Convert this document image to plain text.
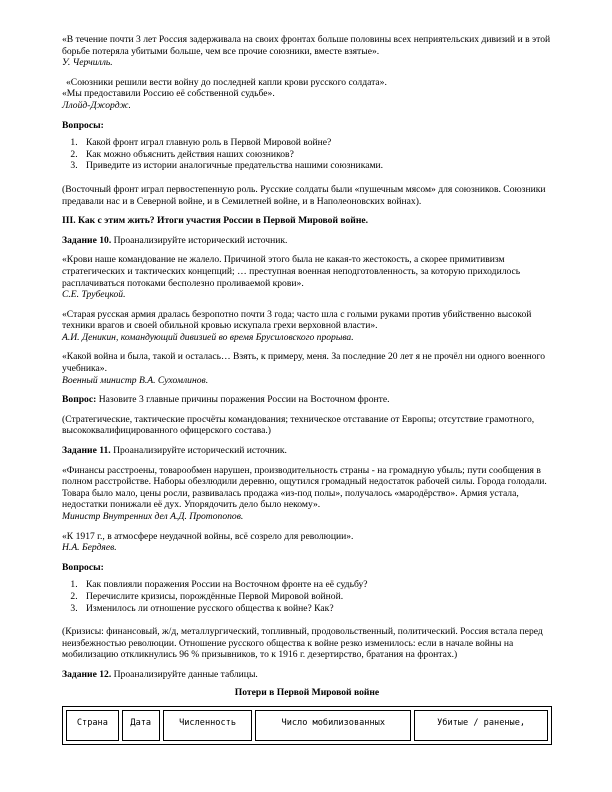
«В течение почти 3 лет Россия задерживала на своих фронтах больше половины всех неприятельских дивизий и в этой борьбе потеряла убитыми больше, чем все прочие союзники, вместе взятые».

У. Черчилль.

«Союзники решили вести войну до последней капли крови русского солдата».

«Мы предоставили Россию её собственной судьбе».

Ллойд-Джордж.

Вопросы:

1. Какой фронт играл главную роль в Первой Мировой войне?
2. Как можно объяснить действия наших союзников?
3. Приведите из истории аналогичные предательства нашими союзниками.

(Восточный фронт играл первостепенную роль. Русские солдаты были «пушечным мясом» для союзников. Союзники предавали нас и в Северной войне, и в Семилетней войне, и в Наполеоновских войнах).

III. Как с этим жить? Итоги участия России в Первой Мировой войне.

Задание 10. Проанализируйте исторический источник.

«Крови наше командование не жалело. Причиной этого была не какая-то жестокость, а скорее примитивизм стратегических и тактических концепций; … преступная военная неподготовленность, за которую приходилось расплачиваться потоками бесполезно проливаемой крови».

С.Е. Трубецкой.

«Старая русская армия дралась безропотно почти 3 года; часто шла с голыми руками против убийственно высокой техники врагов и своей обильной кровью искупала грехи верховной власти».

А.И. Деникин, командующий дивизией во время Брусиловского прорыва.

«Какой война и была, такой и осталась… Взять, к примеру, меня. За последние 20 лет я не прочёл ни одного военного учебника».

Военный министр В.А. Сухомлинов.

Вопрос: Назовите 3 главные причины поражения России на Восточном фронте.

(Стратегические, тактические просчёты командования; техническое отставание от Европы; отсутствие грамотного, высококвалифицированного офицерского состава.)

Задание 11. Проанализируйте исторический источник.

«Финансы расстроены, товарообмен нарушен, производительность страны - на громадную убыль; пути сообщения в полном расстройстве. Наборы обезлюдили деревню, ощутился громадный недостаток рабочей силы. Города голодали. Товара было мало, цены росли, развивалась продажа «из-под полы», получалось «мародёрство». Армия устала, недостатки понижали её дух. Упорядочить дело было некому».

Министр Внутренних дел А.Д. Протопопов.

«К 1917 г., в атмосфере неудачной войны, всё созрело для революции».

Н.А. Бердяев.

Вопросы:

1. Как повлияли поражения России на Восточном фронте на её судьбу?
2. Перечислите кризисы, порождённые Первой Мировой войной.
3. Изменилось ли отношение русского общества к войне? Как?

(Кризисы: финансовый, ж/д, металлургический, топливный, продовольственный, политический. Россия встала перед неизбежностью революции. Отношение русского общества к войне резко изменилось: если в начале войны на мобилизацию откликнулись 96 % призывников, то к 1916 г. дезертирство, братания на фронтах.)

Задание 12. Проанализируйте данные таблицы.

Потери в Первой Мировой войне

Страна	Дата	Численность	Число мобилизованных	Убитые / раненые,
